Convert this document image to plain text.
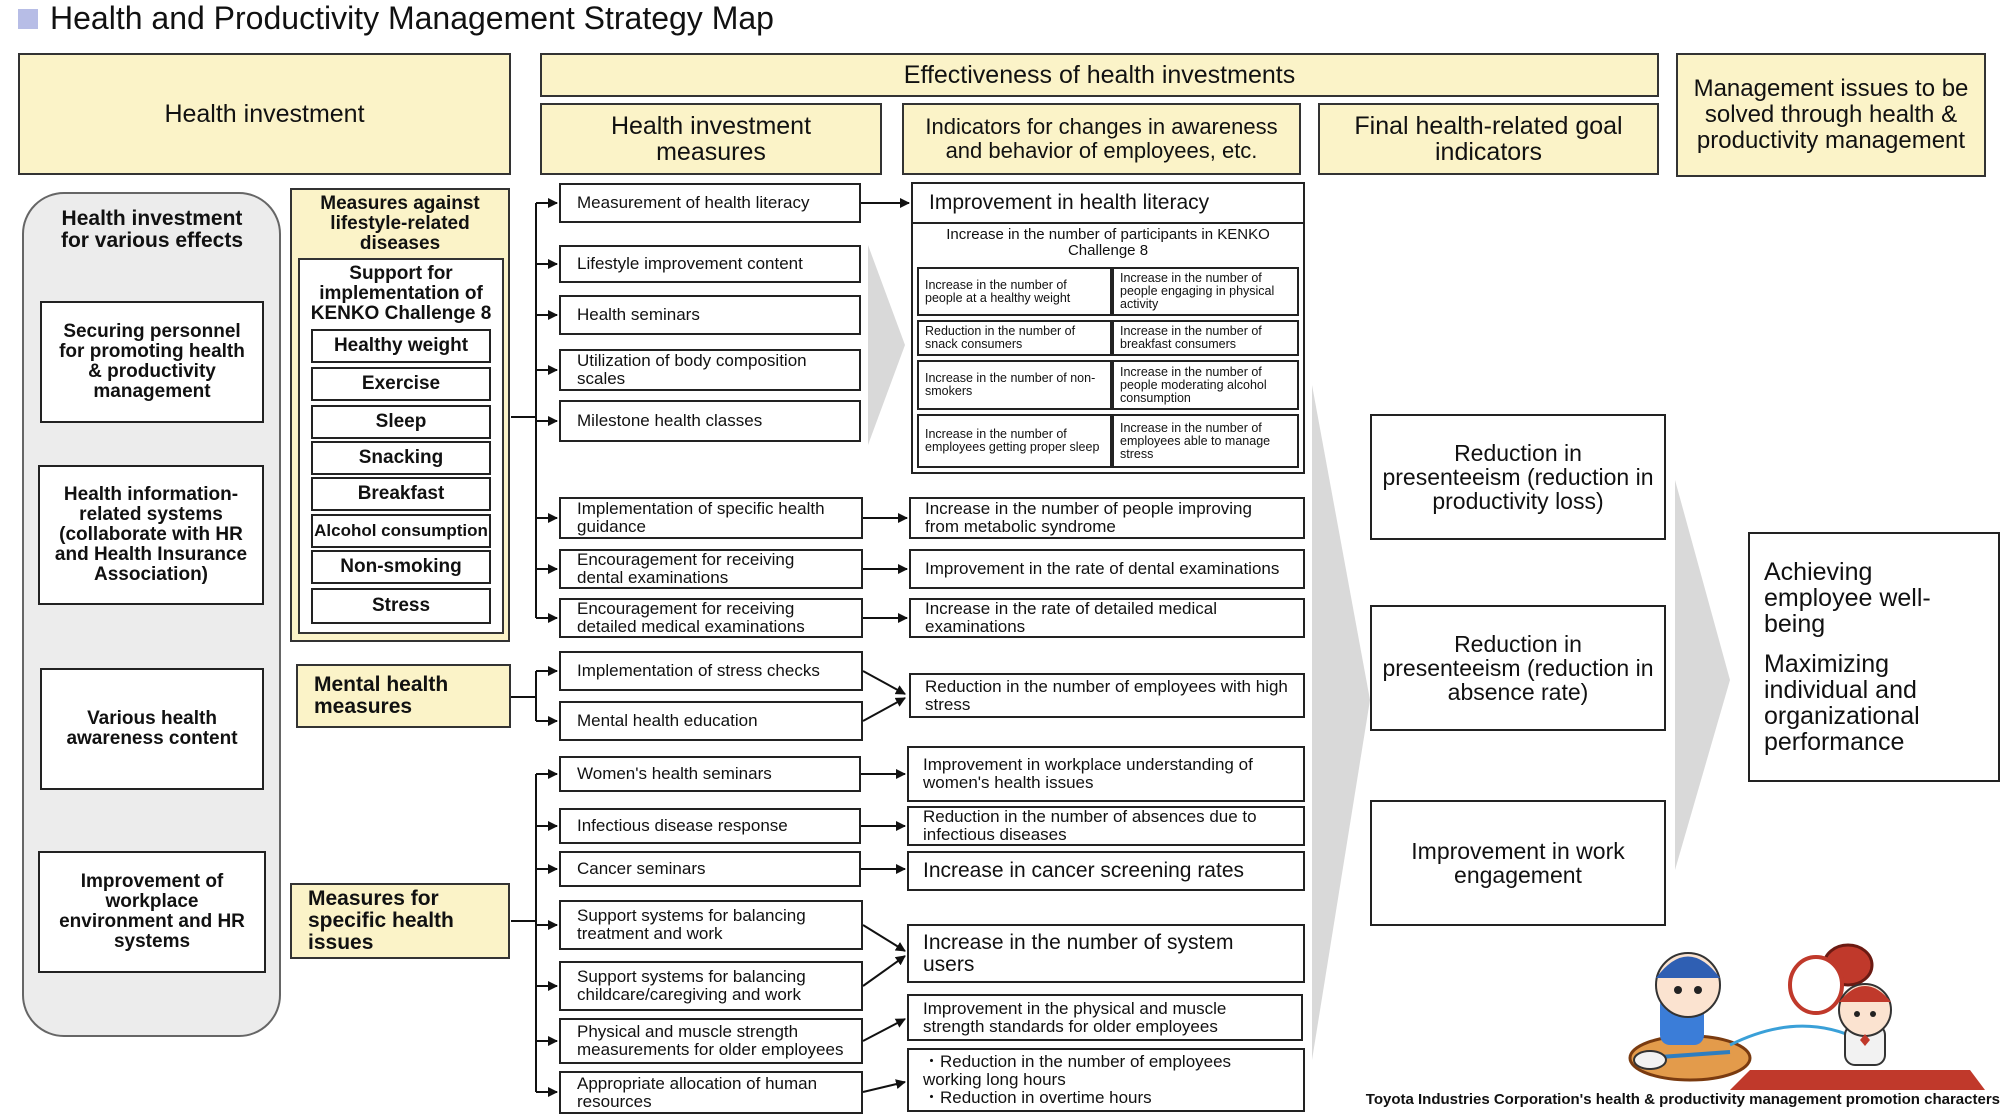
Health and Productivity Management Strategy Map
Health investment
Effectiveness of health investments
Health investment measures
Indicators for changes in awareness and behavior of employees, etc.
Final health-related goal indicators
Management issues to be solved through health & productivity management
Health investment for various effects
Securing personnel for promoting health & productivity management
Health information-related systems (collaborate with HR and Health Insurance Association)
Various health awareness content
Improvement of workplace environment and HR systems
Measures against lifestyle-related diseases
Support for implementation of KENKO Challenge 8
Healthy weight
Exercise
Sleep
Snacking
Breakfast
Alcohol consumption
Non-smoking
Stress
Mental health measures
Measures for specific health issues
Measurement of health literacy
Lifestyle improvement content
Health seminars
Utilization of body composition scales
Milestone health classes
Implementation of specific health guidance
Encouragement for receiving dental examinations
Encouragement for receiving detailed medical examinations
Implementation of stress checks
Mental health education
Women's health seminars
Infectious disease response
Cancer seminars
Support systems for balancing treatment and work
Support systems for balancing childcare/caregiving and work
Physical and muscle strength measurements for older employees
Appropriate allocation of human resources
Improvement in health literacy
Increase in the number of participants in KENKO Challenge 8
Increase in the number of people at a healthy weight
Increase in the number of people engaging in physical activity
Reduction in the number of snack consumers
Increase in the number of breakfast consumers
Increase in the number of non-smokers
Increase in the number of people moderating alcohol consumption
Increase in the number of employees getting proper sleep
Increase in the number of employees able to manage stress
Increase in the number of people improving from metabolic syndrome
Improvement in the rate of dental examinations
Increase in the rate of detailed medical examinations
Reduction in the number of employees with high stress
Improvement in workplace understanding of women's health issues
Reduction in the number of absences due to infectious diseases
Increase in cancer screening rates
Increase in the number of system users
Improvement in the physical and muscle strength standards for older employees
・Reduction in the number of employees working long hours
・Reduction in overtime hours
Reduction in presenteeism (reduction in productivity loss)
Reduction in presenteeism (reduction in absence rate)
Improvement in work engagement
Achieving employee well-being
Maximizing individual and organizational performance
Toyota Industries Corporation's health & productivity management promotion characters
